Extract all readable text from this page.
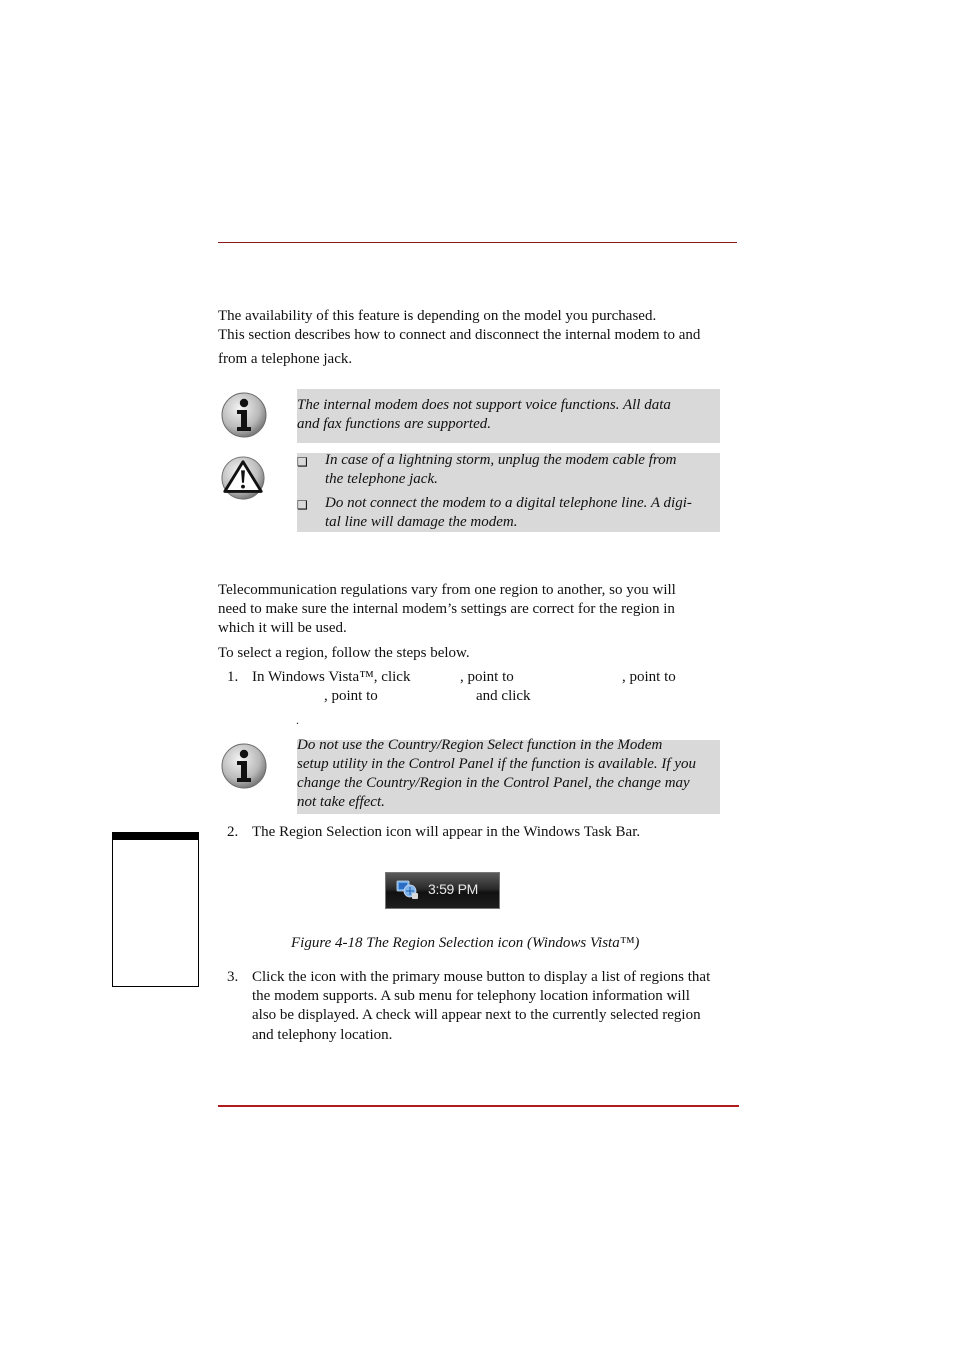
The availability of this feature is depending on the model you purchased.

This section describes how to connect and disconnect the internal modem to and

from a telephone jack.

The internal modem does not support voice functions. All data

and fax functions are supported.

❑ In case of a lightning storm, unplug the modem cable from

the telephone jack.

❑ Do not connect the modem to a digital telephone line. A digi-

tal line will damage the modem.

Telecommunication regulations vary from one region to another, so you will

need to make sure the internal modem’s settings are correct for the region in

which it will be used.

To select a region, follow the steps below.

1. In Windows Vista™, click	, point to	, point to

, point to	and click

.

Do not use the Country/Region Select function in the Modem

setup utility in the Control Panel if the function is available. If you

change the Country/Region in the Control Panel, the change may

not take effect.

2. The Region Selection icon will appear in the Windows Task Bar.

3:59 PM

Figure 4-18 The Region Selection icon (Windows Vista™)

3. Click the icon with the primary mouse button to display a list of regions that

the modem supports. A sub menu for telephony location information will

also be displayed. A check will appear next to the currently selected region

and telephony location.
